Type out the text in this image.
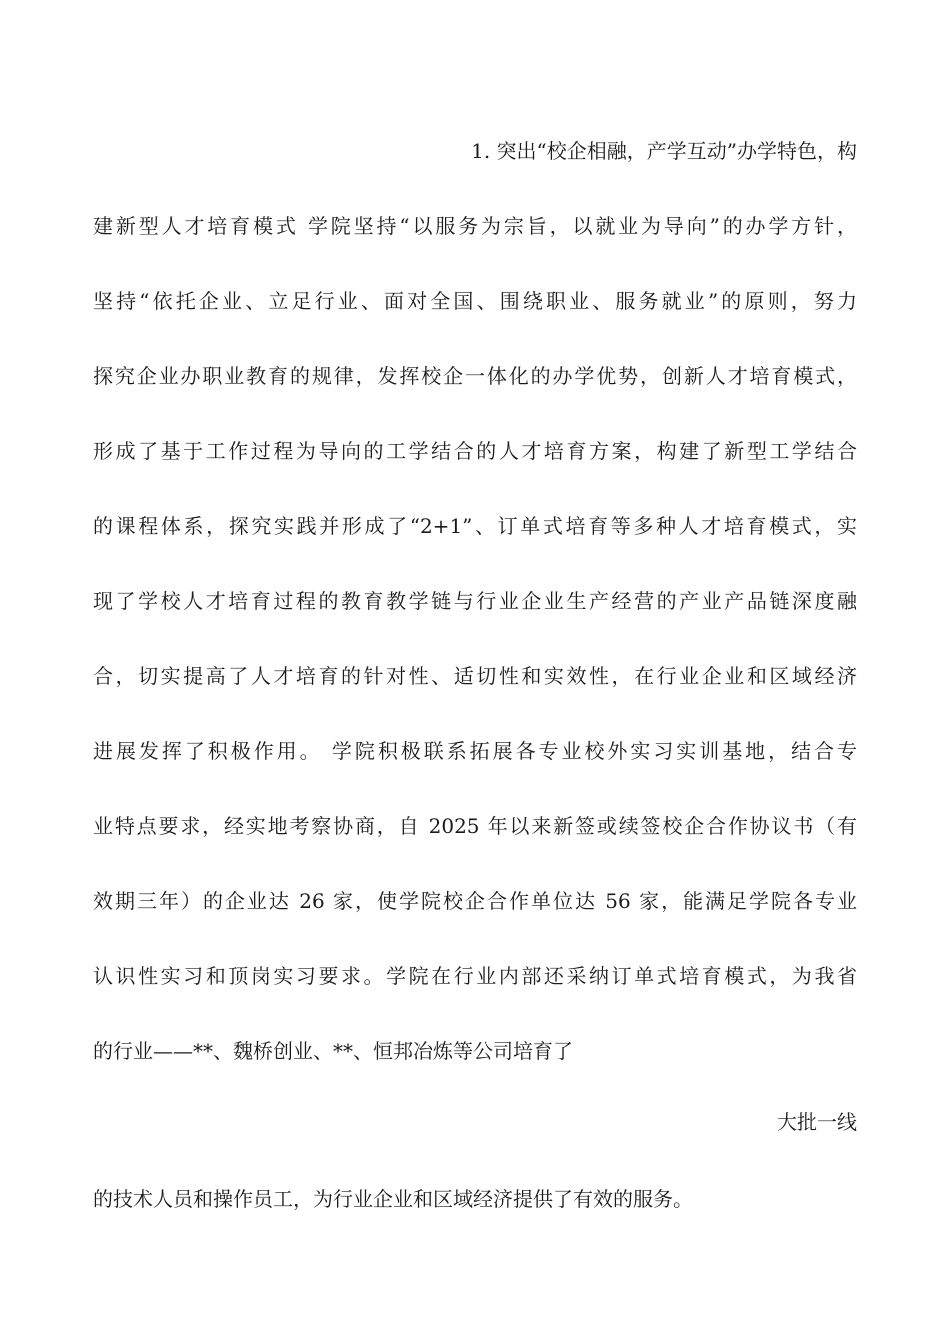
1. 突出“校企相融，产学互动”办学特色，构
建新型人才培育模式 学院坚持“以服务为宗旨，以就业为导向”的办学方针，
坚持“依托企业、立足行业、面对全国、围绕职业、服务就业”的原则，努力
探究企业办职业教育的规律，发挥校企一体化的办学优势，创新人才培育模式，
形成了基于工作过程为导向的工学结合的人才培育方案，构建了新型工学结合
的课程体系，探究实践并形成了“2+1”、订单式培育等多种人才培育模式，实
现了学校人才培育过程的教育教学链与行业企业生产经营的产业产品链深度融
合，切实提高了人才培育的针对性、适切性和实效性，在行业企业和区域经济
进展发挥了积极作用。 学院积极联系拓展各专业校外实习实训基地，结合专
业特点要求，经实地考察协商，自 2025 年以来新签或续签校企合作协议书（有
效期三年）的企业达 26 家，使学院校企合作单位达 56 家，能满足学院各专业
认识性实习和顶岗实习要求。学院在行业内部还采纳订单式培育模式，为我省
的行业——**、魏桥创业、**、恒邦冶炼等公司培育了
大批一线
的技术人员和操作员工，为行业企业和区域经济提供了有效的服务。
